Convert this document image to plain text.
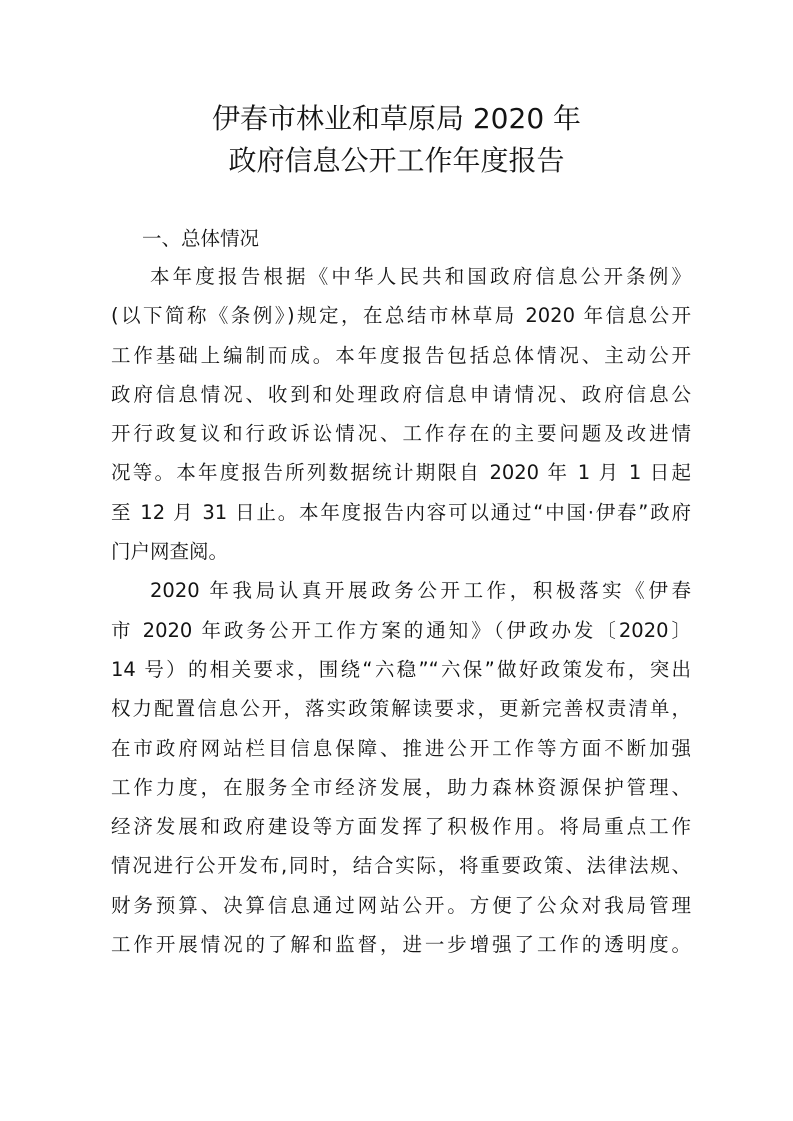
伊春市林业和草原局 2020 年
政府信息公开工作年度报告
一、总体情况

本年度报告根据《中华人民共和国政府信息公开条例》
(以下简称《条例》)规定，在总结市林草局 2020 年信息公开
工作基础上编制而成。本年度报告包括总体情况、主动公开
政府信息情况、收到和处理政府信息申请情况、政府信息公
开行政复议和行政诉讼情况、工作存在的主要问题及改进情
况等。本年度报告所列数据统计期限自 2020 年 1 月 1 日起
至 12 月 31 日止。本年度报告内容可以通过“中国·伊春”政府
门户网查阅。

2020 年我局认真开展政务公开工作，积极落实《伊春
市 2020 年政务公开工作方案的通知》（伊政办发〔2020〕
14 号）的相关要求，围绕“六稳”“六保”做好政策发布，突出
权力配置信息公开，落实政策解读要求，更新完善权责清单，
在市政府网站栏目信息保障、推进公开工作等方面不断加强
工作力度，在服务全市经济发展，助力森林资源保护管理、
经济发展和政府建设等方面发挥了积极作用。将局重点工作
情况进行公开发布,同时，结合实际，将重要政策、法律法规、
财务预算、决算信息通过网站公开。方便了公众对我局管理
工作开展情况的了解和监督，进一步增强了工作的透明度。
